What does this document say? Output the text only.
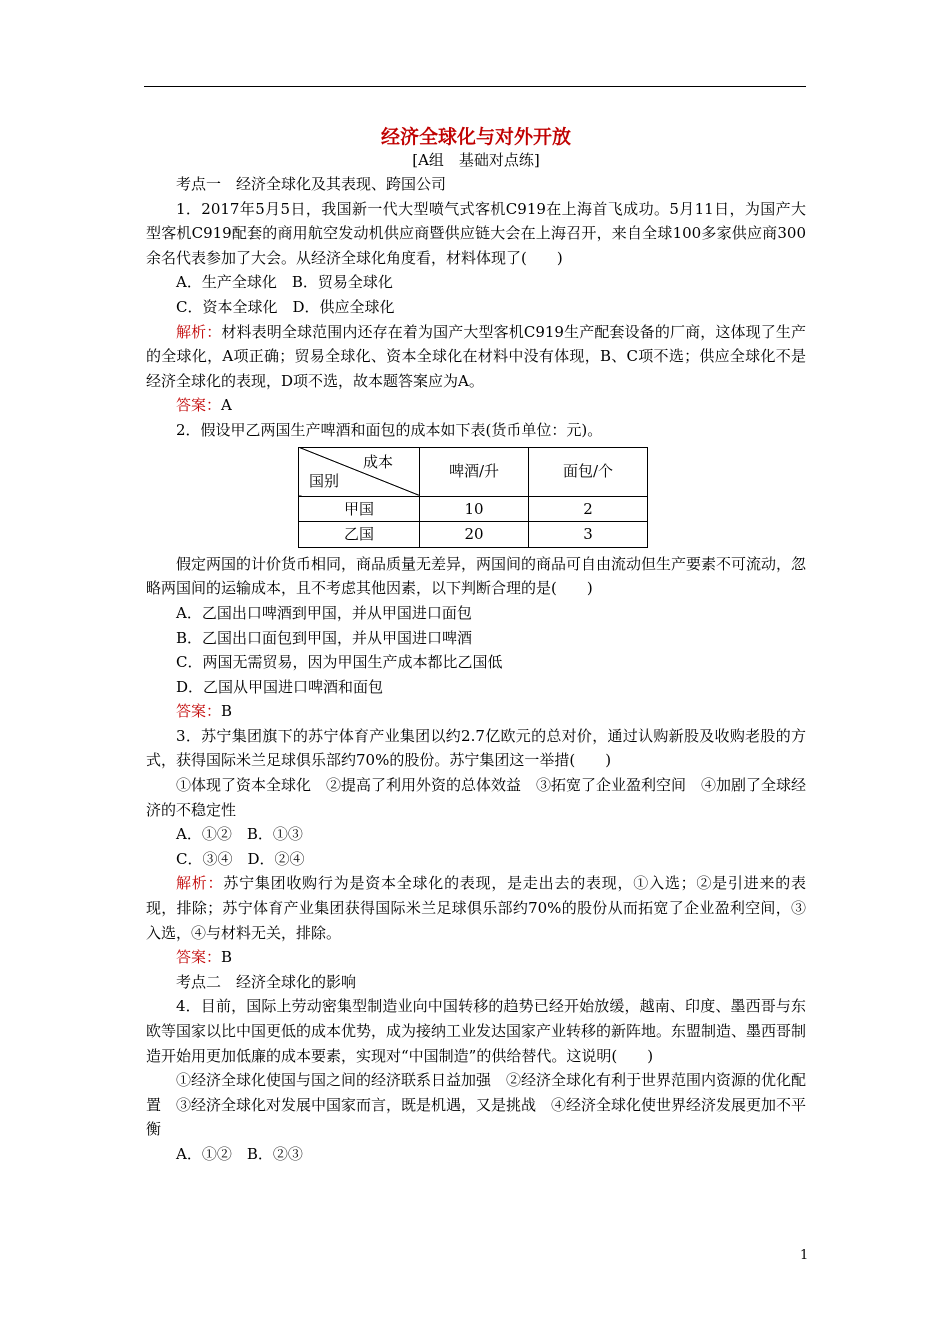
经济全球化与对外开放
[A组　基础对点练]

考点一　经济全球化及其表现、跨国公司

1．2017年5月5日，我国新一代大型喷气式客机C919在上海首飞成功。5月11日，为国产大型客机C919配套的商用航空发动机供应商暨供应链大会在上海召开，来自全球100多家供应商300余名代表参加了大会。从经济全球化角度看，材料体现了(　　)

A．生产全球化　B．贸易全球化

C．资本全球化　D．供应全球化

解析：材料表明全球范围内还存在着为国产大型客机C919生产配套设备的厂商，这体现了生产的全球化，A项正确；贸易全球化、资本全球化在材料中没有体现，B、C项不选；供应全球化不是经济全球化的表现，D项不选，故本题答案应为A。

答案：A

2．假设甲乙两国生产啤酒和面包的成本如下表(货币单位：元)。

成本
国别	啤酒/升	面包/个
甲国	10	2
乙国	20	3

假定两国的计价货币相同，商品质量无差异，两国间的商品可自由流动但生产要素不可流动，忽略两国间的运输成本，且不考虑其他因素，以下判断合理的是(　　)

A．乙国出口啤酒到甲国，并从甲国进口面包

B．乙国出口面包到甲国，并从甲国进口啤酒

C．两国无需贸易，因为甲国生产成本都比乙国低

D．乙国从甲国进口啤酒和面包

答案：B

3．苏宁集团旗下的苏宁体育产业集团以约2.7亿欧元的总对价，通过认购新股及收购老股的方式，获得国际米兰足球俱乐部约70%的股份。苏宁集团这一举措(　　)

①体现了资本全球化　②提高了利用外资的总体效益　③拓宽了企业盈利空间　④加剧了全球经济的不稳定性

A．①②　B．①③

C．③④　D．②④

解析：苏宁集团收购行为是资本全球化的表现，是走出去的表现，①入选；②是引进来的表现，排除；苏宁体育产业集团获得国际米兰足球俱乐部约70%的股份从而拓宽了企业盈利空间，③入选，④与材料无关，排除。

答案：B

考点二　经济全球化的影响

4．目前，国际上劳动密集型制造业向中国转移的趋势已经开始放缓，越南、印度、墨西哥与东欧等国家以比中国更低的成本优势，成为接纳工业发达国家产业转移的新阵地。东盟制造、墨西哥制造开始用更加低廉的成本要素，实现对“中国制造”的供给替代。这说明(　　)

①经济全球化使国与国之间的经济联系日益加强　②经济全球化有利于世界范围内资源的优化配置　③经济全球化对发展中国家而言，既是机遇，又是挑战　④经济全球化使世界经济发展更加不平衡

A．①②　B．②③

1
